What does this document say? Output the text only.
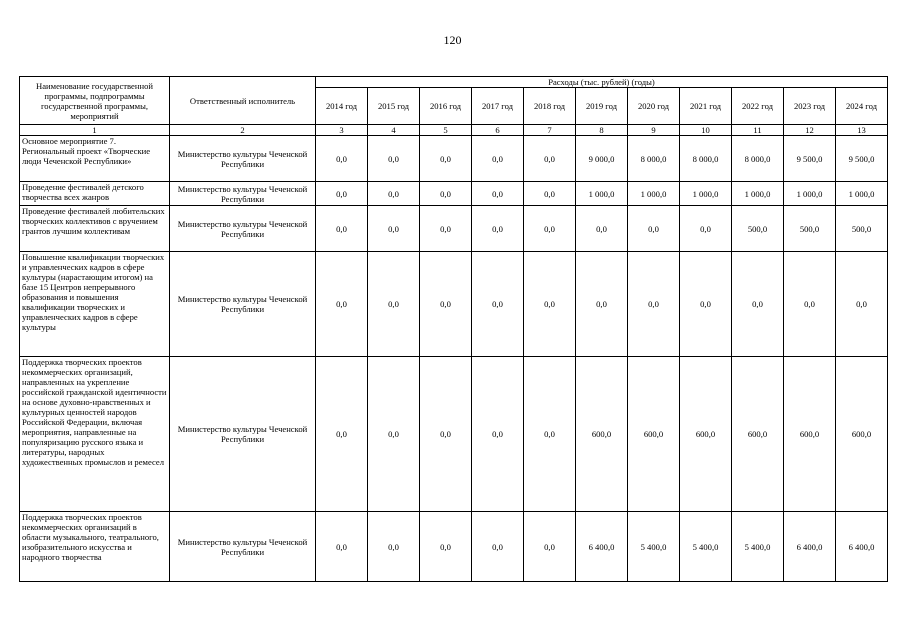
120
Наименование государственной программы, подпрограммы государственной программы, мероприятий	Ответственный исполнитель	Расходы (тыс. рублей) (годы)										
		2014 год	2015 год	2016 год	2017 год	2018 год	2019 год	2020 год	2021 год	2022 год	2023 год	2024 год
1	2	3	4	5	6	7	8	9	10	11	12	13
Основное мероприятие 7. Региональный проект «Творческие люди Чеченской Республики»	Министерство культуры Чеченской Республики	0,0	0,0	0,0	0,0	0,0	9 000,0	8 000,0	8 000,0	8 000,0	9 500,0	9 500,0
Проведение фестивалей детского творчества всех жанров	Министерство культуры Чеченской Республики	0,0	0,0	0,0	0,0	0,0	1 000,0	1 000,0	1 000,0	1 000,0	1 000,0	1 000,0
Проведение фестивалей любительских творческих коллективов с вручением грантов лучшим коллективам	Министерство культуры Чеченской Республики	0,0	0,0	0,0	0,0	0,0	0,0	0,0	0,0	500,0	500,0	500,0
Повышение квалификации творческих и управленческих кадров в сфере культуры (нарастающим итогом) на базе 15 Центров непрерывного образования и повышения квалификации творческих и управленческих кадров в сфере культуры	Министерство культуры Чеченской Республики	0,0	0,0	0,0	0,0	0,0	0,0	0,0	0,0	0,0	0,0	0,0
Поддержка творческих проектов некоммерческих организаций, направленных на укрепление российской гражданской идентичности на основе духовно-нравственных и культурных ценностей народов Российской Федерации, включая мероприятия, направленные на популяризацию русского языка и литературы, народных художественных промыслов и ремесел	Министерство культуры Чеченской Республики	0,0	0,0	0,0	0,0	0,0	600,0	600,0	600,0	600,0	600,0	600,0
Поддержка творческих проектов некоммерческих организаций в области музыкального, театрального, изобразительного искусства и народного творчества	Министерство культуры Чеченской Республики	0,0	0,0	0,0	0,0	0,0	6 400,0	5 400,0	5 400,0	5 400,0	6 400,0	6 400,0
